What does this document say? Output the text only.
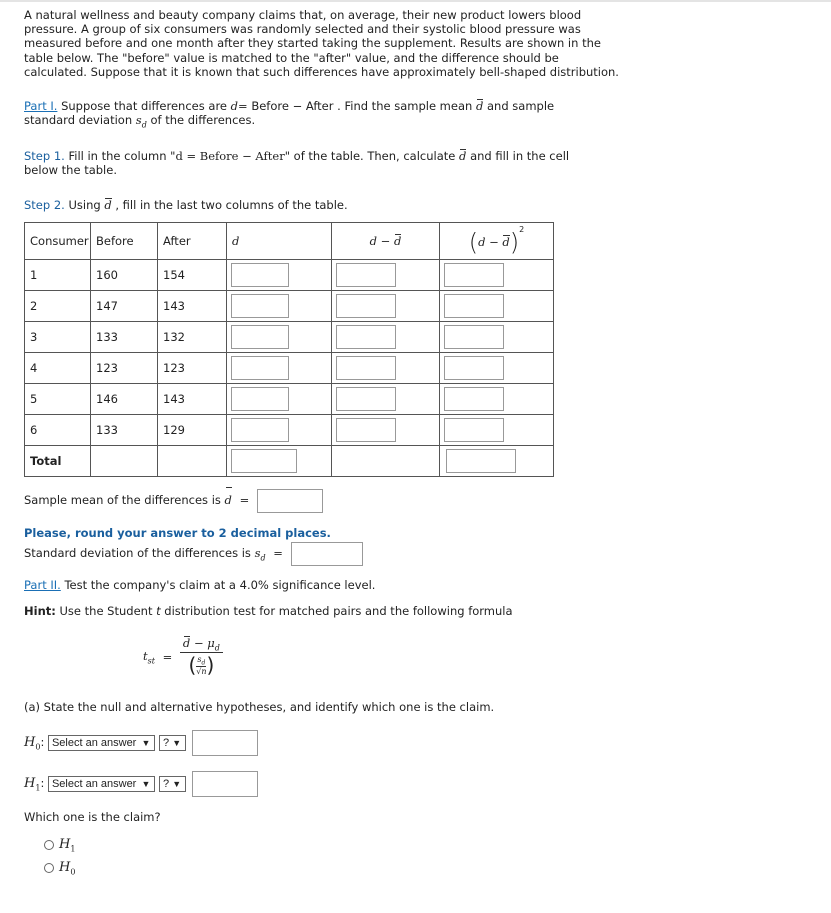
A natural wellness and beauty company claims that, on average, their new product lowers blood pressure. A group of six consumers was randomly selected and their systolic blood pressure was measured before and one month after they started taking the supplement. Results are shown in the table below. The "before" value is matched to the "after" value, and the difference should be calculated. Suppose that it is known that such differences have approximately bell-shaped distribution.
Part I. Suppose that differences are d= Before − After . Find the sample mean d and sample standard deviation $s_d$ of the differences.
Step 1. Fill in the column "d = Before − After" of the table. Then, calculate d and fill in the cell below the table.
Step 2. Using d , fill in the last two columns of the table.
Consumer	Before	After	d	d − d	$(d - d)^2$
1	160	154	

2	147	143	

3	133	132	

4	123	123	

5	146	143	

6	133	129	

Total			

Sample mean of the differences is d =
Please, round your answer to 2 decimal places.
Standard deviation of the differences is $s_d$ =
Part II. Test the company's claim at a 4.0% significance level.
Hint: Use the Student t distribution test for matched pairs and the following formula
$t_{st} = \frac{d - \mu_d}{( \frac{s_d}{√n} )}$
(a) State the null and alternative hypotheses, and identify which one is the claim.
$H_0$: Select an answer ▼ ? ▼

$H_1$: Select an answer ▼ ? ▼

Which one is the claim?
$H_1$
$H_0$
